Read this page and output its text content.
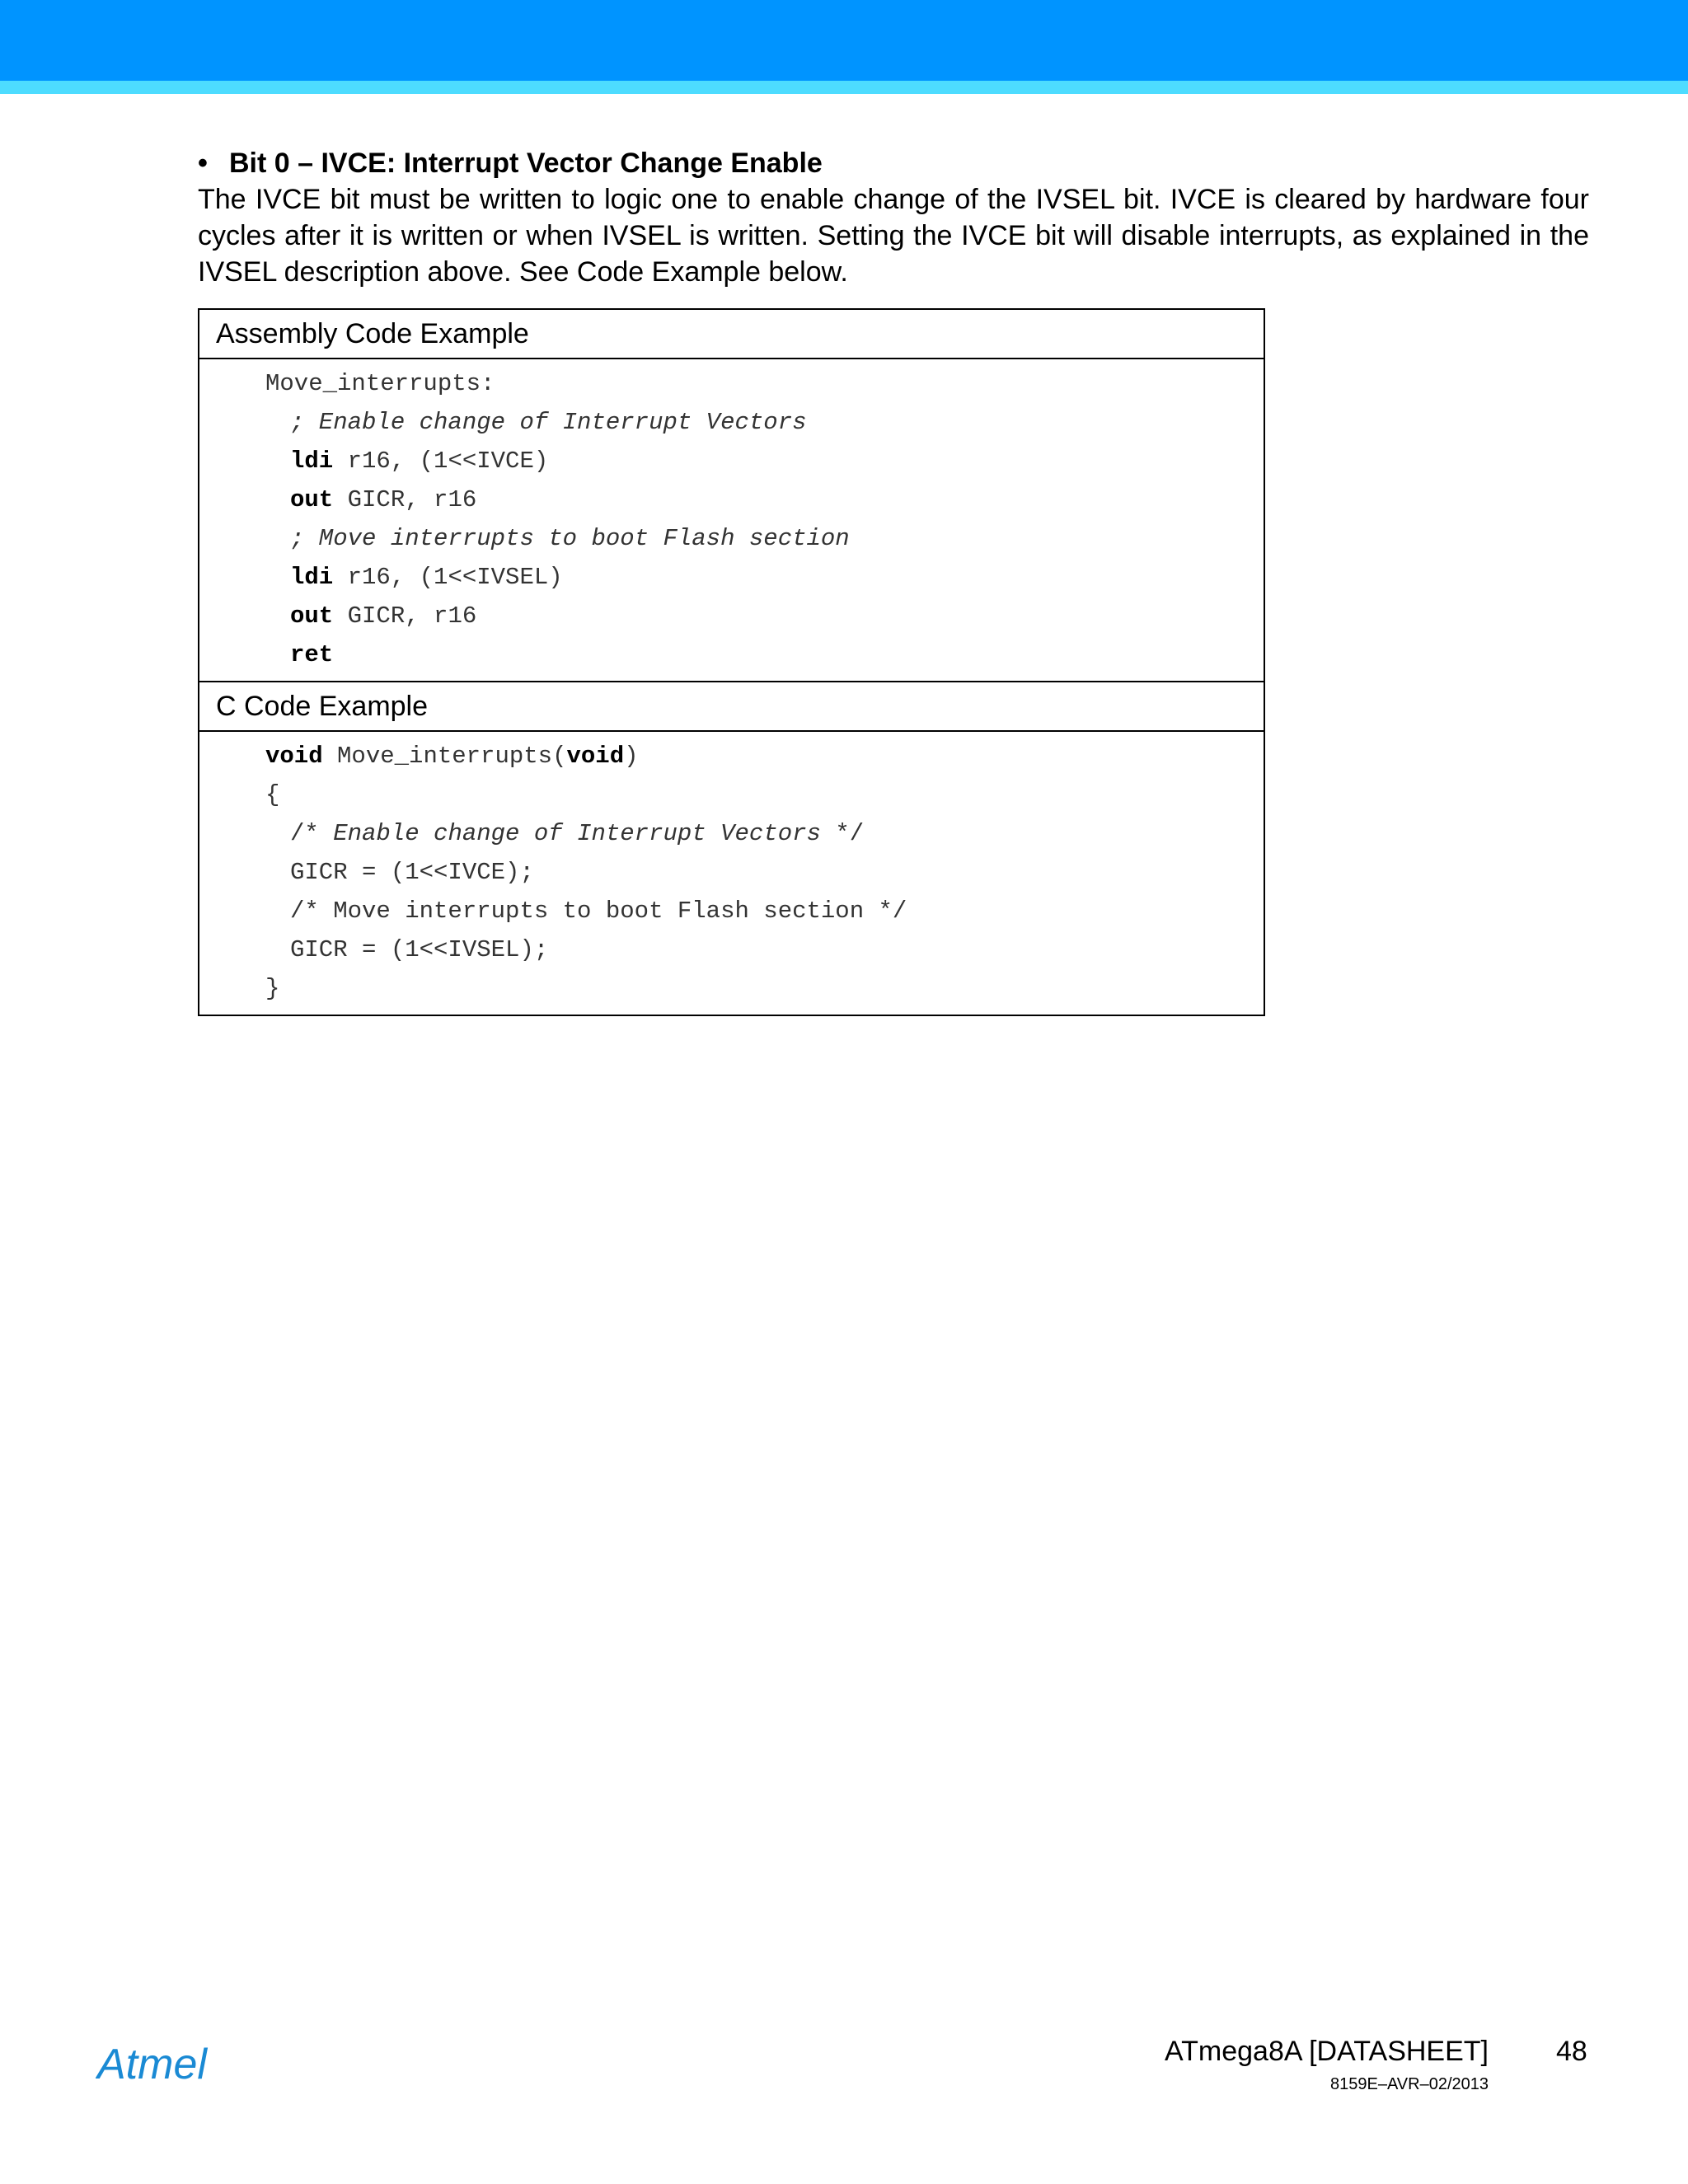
• Bit 0 – IVCE: Interrupt Vector Change Enable

The IVCE bit must be written to logic one to enable change of the IVSEL bit. IVCE is cleared by hardware four cycles after it is written or when IVSEL is written. Setting the IVCE bit will disable interrupts, as explained in the IVSEL description above. See Code Example below.

Assembly Code Example
Move_interrupts:
; Enable change of Interrupt Vectors
ldi r16, (1<<IVCE)
out GICR, r16
; Move interrupts to boot Flash section
ldi r16, (1<<IVSEL)
out GICR, r16
ret
C Code Example
void Move_interrupts(void)
{
/* Enable change of Interrupt Vectors */
GICR = (1<<IVCE);
/* Move interrupts to boot Flash section */
GICR = (1<<IVSEL);
}
Atmel	ATmega8A [DATASHEET] 48
8159E–AVR–02/2013
